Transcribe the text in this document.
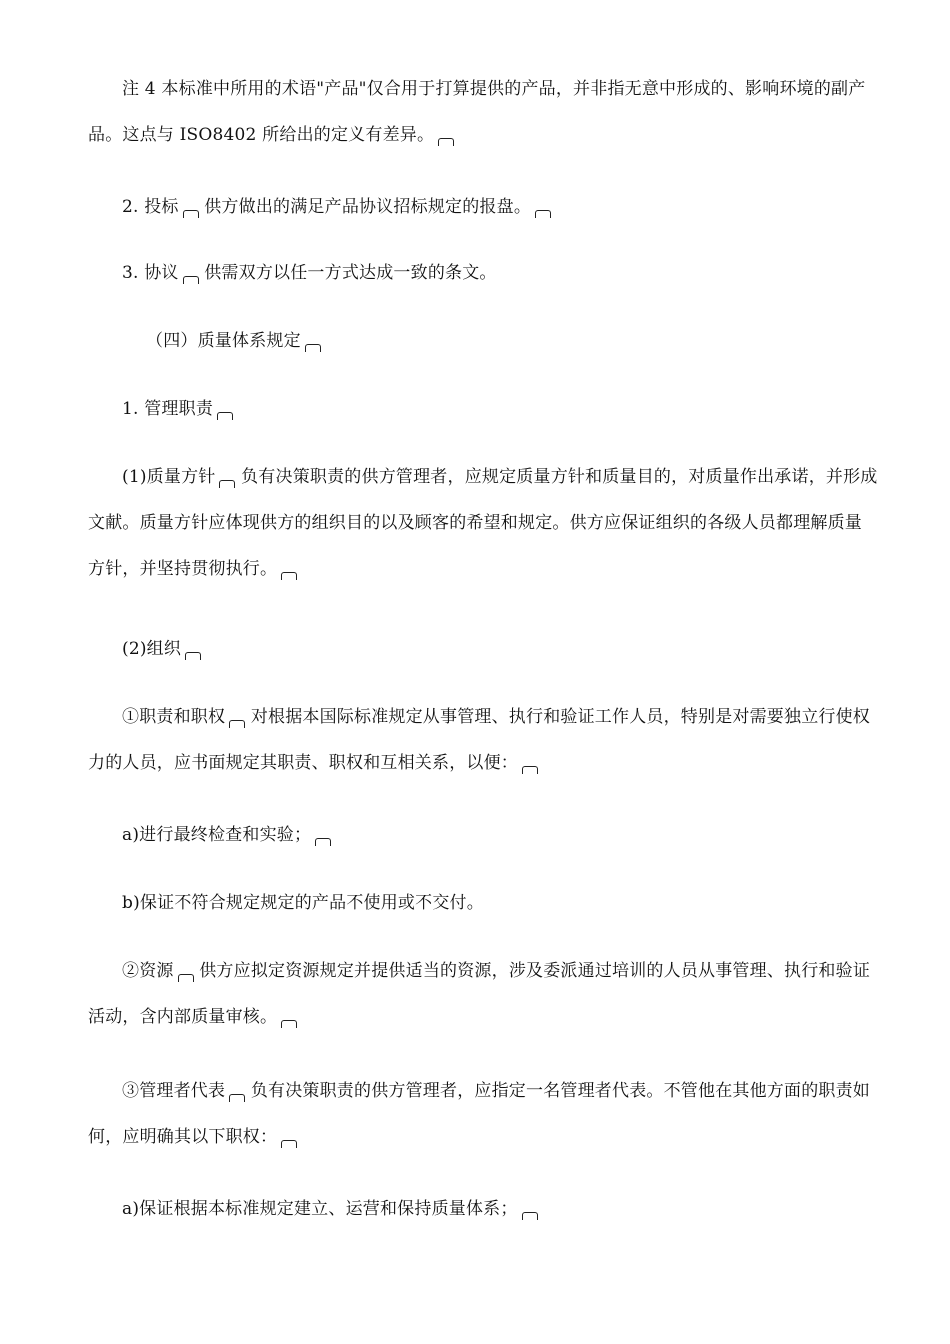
注 4 本标准中所用的术语"产品"仅合用于打算提供的产品，并非指无意中形成的、影响环境的副产品。这点与 ISO8402 所给出的定义有差异。

2. 投标 供方做出的满足产品协议招标规定的报盘。

3. 协议 供需双方以任一方式达成一致的条文。

（四）质量体系规定

1. 管理职责

(1)质量方针 负有决策职责的供方管理者，应规定质量方针和质量目的，对质量作出承诺，并形成文献。质量方针应体现供方的组织目的以及顾客的希望和规定。供方应保证组织的各级人员都理解质量方针，并坚持贯彻执行。

(2)组织

①职责和职权 对根据本国际标准规定从事管理、执行和验证工作人员，特别是对需要独立行使权力的人员，应书面规定其职责、职权和互相关系，以便：

a)进行最终检查和实验；

b)保证不符合规定规定的产品不使用或不交付。

②资源 供方应拟定资源规定并提供适当的资源，涉及委派通过培训的人员从事管理、执行和验证活动，含内部质量审核。

③管理者代表 负有决策职责的供方管理者，应指定一名管理者代表。不管他在其他方面的职责如何，应明确其以下职权：

a)保证根据本标准规定建立、运营和保持质量体系；
